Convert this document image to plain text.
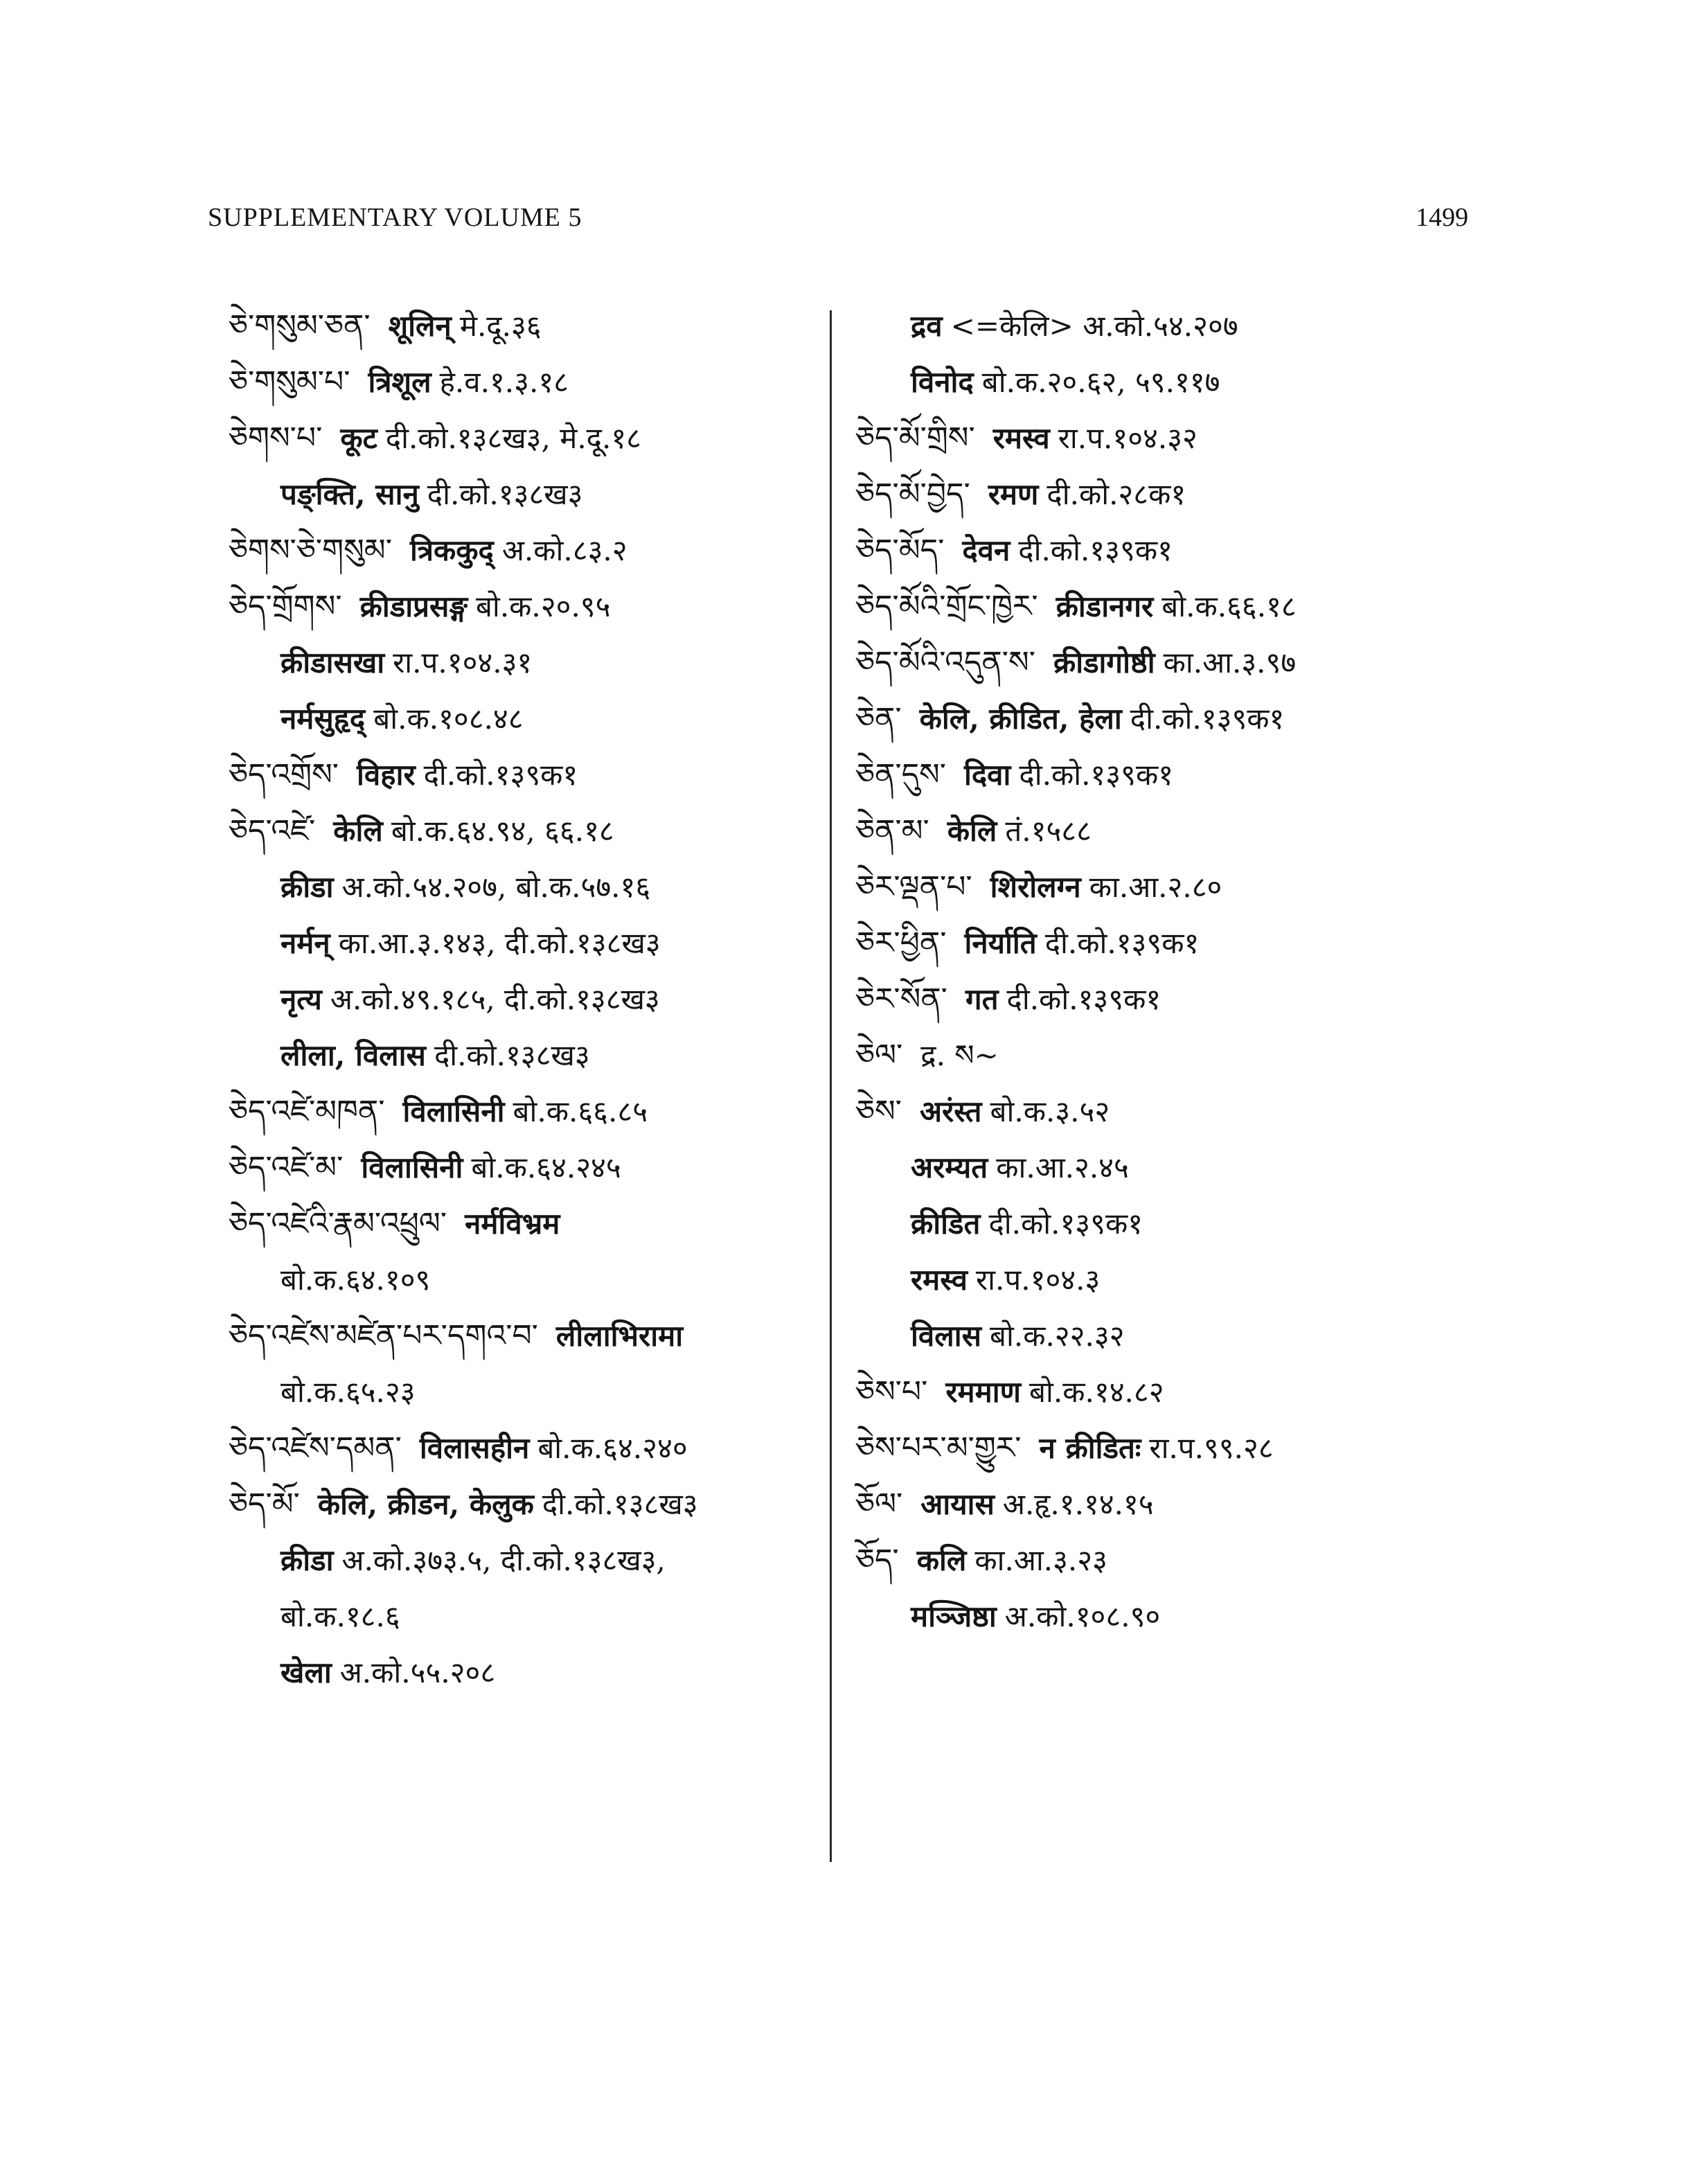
SUPPLEMENTARY VOLUME 5	1499
ཅེ་གསུམ་ཅན་ शूलिन् मे.दू.३६
ཅེ་གསུམ་པ་ त्रिशूल हे.व.१.३.१८
ཅེགས་པ་ कूट दी.को.१३८ख३, मे.दू.१८
पङ्क्ति, सानु दी.को.१३८ख३
ཅེགས་ཅེ་གསུམ་ त्रिककुद् अ.को.८३.२
ཅེད་གྲོགས་ क्रीडाप्रसङ्ग बो.क.२०.९५
क्रीडासखा रा.प.१०४.३१
नर्मसुहृद् बो.क.१०८.४८
ཅེད་འགྲོས་ विहार दी.को.१३९क१
ཅེད་འཛེ་ केलि बो.क.६४.९४, ६६.१८
क्रीडा अ.को.५४.२०७, बो.क.५७.१६
नर्मन् का.आ.३.१४३, दी.को.१३८ख३
नृत्य अ.को.४९.१८५, दी.को.१३८ख३
लीला, विलास दी.को.१३८ख३
ཅེད་འཛེ་མཁན་ विलासिनी बो.क.६६.८५
ཅེད་འཛེ་མ་ विलासिनी बो.क.६४.२४५
ཅེད་འཛེའི་རྣམ་འཕྲུལ་ नर्मविभ्रम
बो.क.६४.१०९
ཅེད་འཛེས་མཛེན་པར་དགའ་བ་ लीलाभिरामा
बो.क.६५.२३
ཅེད་འཛེས་དམན་ विलासहीन बो.क.६४.२४०
ཅེད་མོ་ केलि, क्रीडन, केलुक दी.को.१३८ख३
क्रीडा अ.को.३७३.५, दी.को.१३८ख३,
बो.क.१८.६
खेला अ.को.५५.२०८
द्रव <=केलि> अ.को.५४.२०७
विनोद बो.क.२०.६२, ५९.११७
ཅེད་མོ་གྲིས་ रमस्व रा.प.१०४.३२
ཅེད་མོ་བྱེད་ रमण दी.को.२८क१
ཅེད་མོད་ देवन दी.को.१३९क१
ཅེད་མོའི་གྲོང་ཁྱེར་ क्रीडानगर बो.क.६६.१८
ཅེད་མོའི་འདུན་ས་ क्रीडागोष्ठी का.आ.३.९७
ཅེན་ केलि, क्रीडित, हेला दी.को.१३९क१
ཅེན་དུས་ दिवा दी.को.१३९क१
ཅེན་མ་ केलि तं.१५८८
ཅེར་ལྡན་པ་ शिरोलग्न का.आ.२.८०
ཅེར་ཕྱིན་ निर्याति दी.को.१३९क१
ཅེར་སོན་ गत दी.को.१३९क१
ཅེལ་ द्र. ས~
ཅེས་ अरंस्त बो.क.३.५२
अरम्यत का.आ.२.४५
क्रीडित दी.को.१३९क१
रमस्व रा.प.१०४.३
विलास बो.क.२२.३२
ཅེས་པ་ रममाण बो.क.१४.८२
ཅེས་པར་མ་གྱུར་ न क्रीडितः रा.प.९९.२८
ཅོལ་ आयास अ.हृ.१.१४.१५
ཅོད་ कलि का.आ.३.२३
मञ्जिष्ठा अ.को.१०८.९०
